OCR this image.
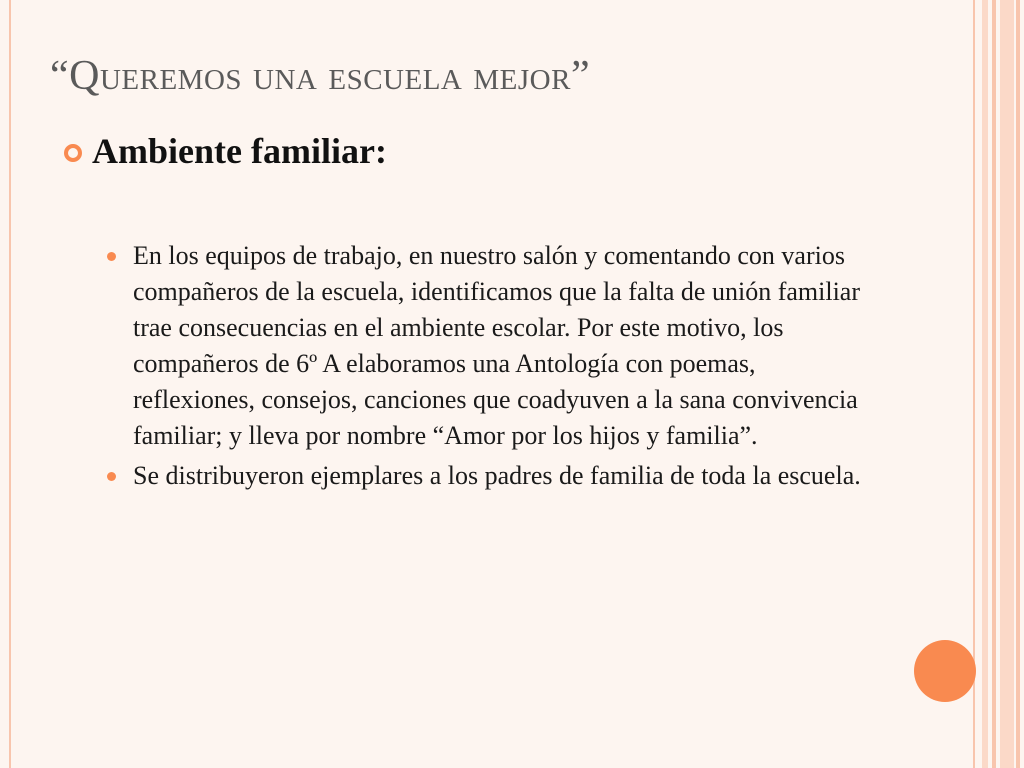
“Queremos una escuela mejor”
Ambiente familiar:
En los equipos de trabajo, en nuestro salón y comentando con varios compañeros de la escuela, identificamos que la falta de unión familiar trae consecuencias en el ambiente escolar. Por este motivo, los compañeros de 6º A elaboramos una Antología con poemas, reflexiones, consejos, canciones que coadyuven a la sana convivencia familiar; y lleva por nombre “Amor por los hijos y familia”.
Se distribuyeron ejemplares a los padres de familia de toda la escuela.
